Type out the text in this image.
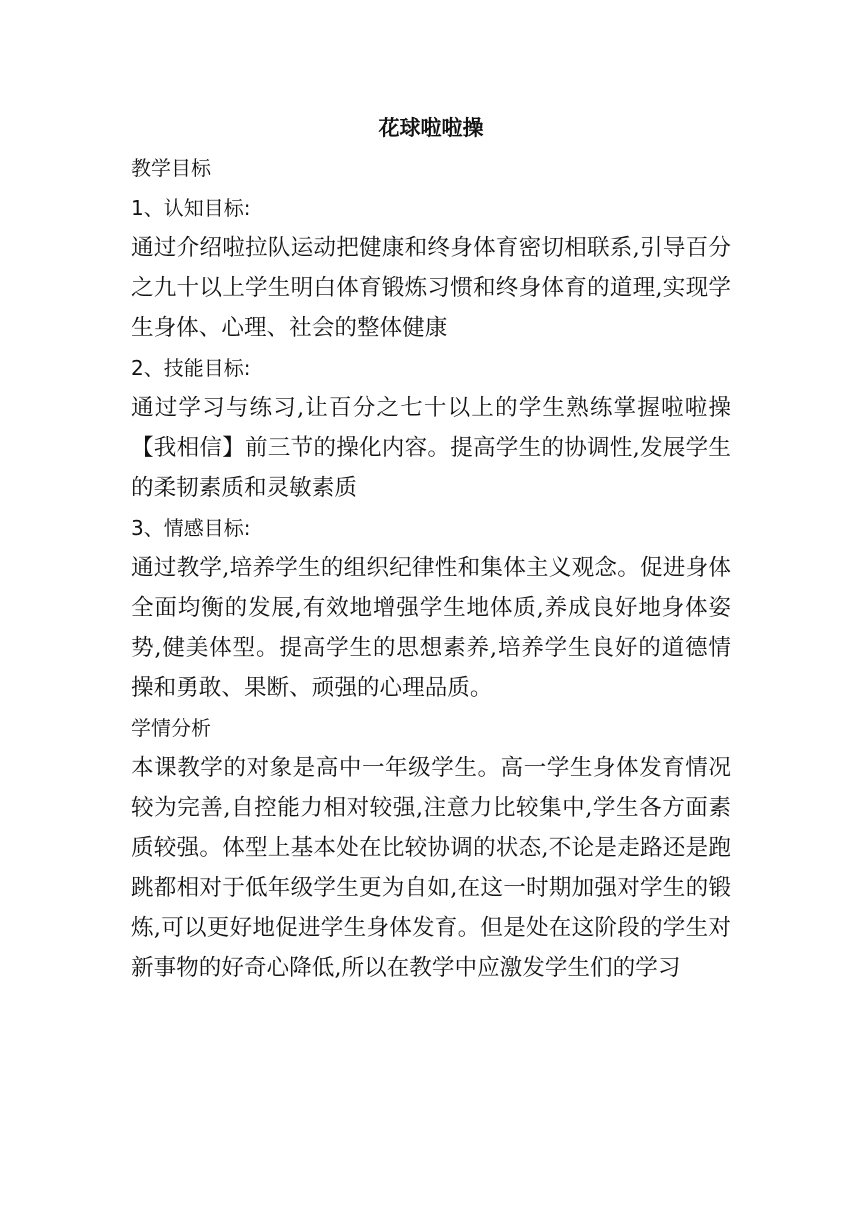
花球啦啦操

教学目标

1、认知目标:

通过介绍啦拉队运动把健康和终身体育密切相联系,引导百分之九十以上学生明白体育锻炼习惯和终身体育的道理,实现学生身体、心理、社会的整体健康

2、技能目标:

通过学习与练习,让百分之七十以上的学生熟练掌握啦啦操【我相信】前三节的操化内容。提高学生的协调性,发展学生的柔韧素质和灵敏素质

3、情感目标:

通过教学,培养学生的组织纪律性和集体主义观念。促进身体全面均衡的发展,有效地增强学生地体质,养成良好地身体姿势,健美体型。提高学生的思想素养,培养学生良好的道德情操和勇敢、果断、顽强的心理品质。

学情分析

本课教学的对象是高中一年级学生。高一学生身体发育情况较为完善,自控能力相对较强,注意力比较集中,学生各方面素质较强。体型上基本处在比较协调的状态,不论是走路还是跑跳都相对于低年级学生更为自如,在这一时期加强对学生的锻炼,可以更好地促进学生身体发育。但是处在这阶段的学生对新事物的好奇心降低,所以在教学中应激发学生们的学习
